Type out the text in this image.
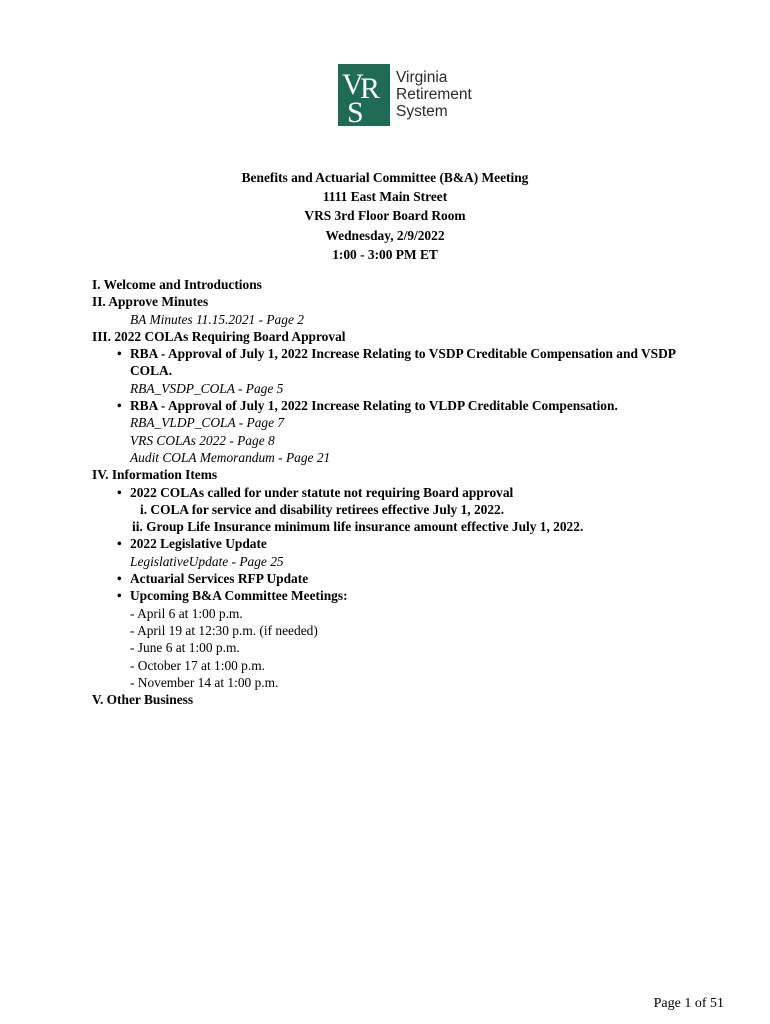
V
R
S
Virginia
Retirement
System
Benefits and Actuarial Committee (B&A) Meeting
1111 East Main Street
VRS 3rd Floor Board Room
Wednesday, 2/9/2022
1:00 - 3:00 PM ET
I. Welcome and Introductions
II. Approve Minutes
BA Minutes 11.15.2021 - Page 2
III. 2022 COLAs Requiring Board Approval
• RBA - Approval of July 1, 2022 Increase Relating to VSDP Creditable Compensation and VSDP COLA.
RBA_VSDP_COLA - Page 5
• RBA - Approval of July 1, 2022 Increase Relating to VLDP Creditable Compensation.
RBA_VLDP_COLA - Page 7
VRS COLAs 2022 - Page 8
Audit COLA Memorandum - Page 21
IV. Information Items
• 2022 COLAs called for under statute not requiring Board approval
i. COLA for service and disability retirees effective July 1, 2022.
ii. Group Life Insurance minimum life insurance amount effective July 1, 2022.
• 2022 Legislative Update
LegislativeUpdate - Page 25
• Actuarial Services RFP Update
• Upcoming B&A Committee Meetings:
- April 6 at 1:00 p.m.
- April 19 at 12:30 p.m. (if needed)
- June 6 at 1:00 p.m.
- October 17 at 1:00 p.m.
- November 14 at 1:00 p.m.
V. Other Business
Page 1 of 51
